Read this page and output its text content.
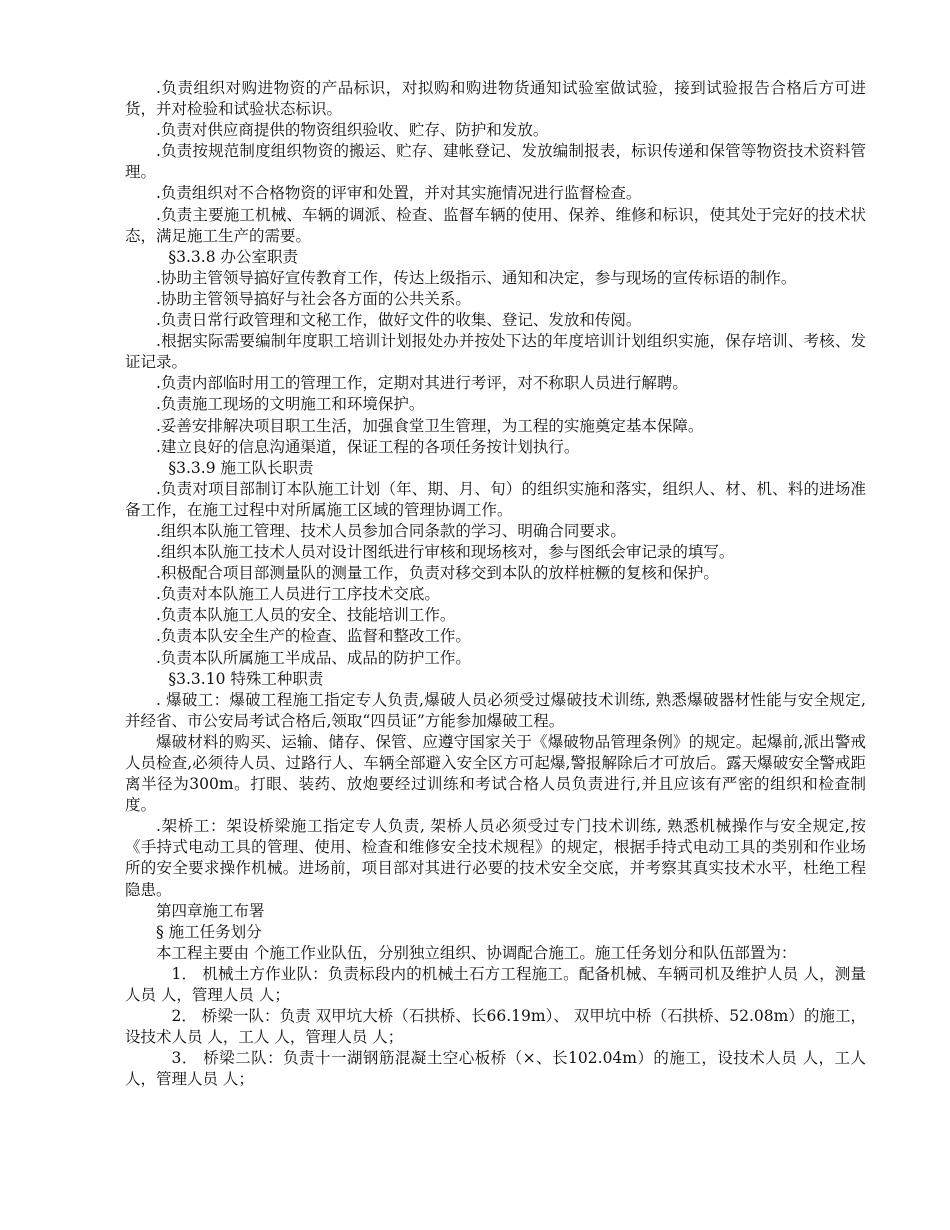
.负责组织对购进物资的产品标识，对拟购和购进物货通知试验室做试验，接到试验报告合格后方可进货，并对检验和试验状态标识。

.负责对供应商提供的物资组织验收、贮存、防护和发放。

.负责按规范制度组织物资的搬运、贮存、建帐登记、发放编制报表，标识传递和保管等物资技术资料管理。

.负责组织对不合格物资的评审和处置，并对其实施情况进行监督检查。

.负责主要施工机械、车辆的调派、检查、监督车辆的使用、保养、维修和标识，使其处于完好的技术状态，满足施工生产的需要。

§3.3.8 办公室职责

.协助主管领导搞好宣传教育工作，传达上级指示、通知和决定，参与现场的宣传标语的制作。

.协助主管领导搞好与社会各方面的公共关系。

.负责日常行政管理和文秘工作，做好文件的收集、登记、发放和传阅。

.根据实际需要编制年度职工培训计划报处办并按处下达的年度培训计划组织实施，保存培训、考核、发证记录。

.负责内部临时用工的管理工作，定期对其进行考评，对不称职人员进行解聘。

.负责施工现场的文明施工和环境保护。

.妥善安排解决项目职工生活，加强食堂卫生管理，为工程的实施奠定基本保障。

.建立良好的信息沟通渠道，保证工程的各项任务按计划执行。

§3.3.9 施工队长职责

.负责对项目部制订本队施工计划（年、期、月、旬）的组织实施和落实，组织人、材、机、料的进场准备工作，在施工过程中对所属施工区域的管理协调工作。

.组织本队施工管理、技术人员参加合同条款的学习、明确合同要求。

.组织本队施工技术人员对设计图纸进行审核和现场核对，参与图纸会审记录的填写。

.积极配合项目部测量队的测量工作，负责对移交到本队的放样桩橛的复核和保护。

.负责对本队施工人员进行工序技术交底。

.负责本队施工人员的安全、技能培训工作。

.负责本队安全生产的检查、监督和整改工作。

.负责本队所属施工半成品、成品的防护工作。

§3.3.10 特殊工种职责

. 爆破工：爆破工程施工指定专人负责,爆破人员必须受过爆破技术训练, 熟悉爆破器材性能与安全规定,并经省、市公安局考试合格后,领取“四员证”方能参加爆破工程。

爆破材料的购买、运输、储存、保管、应遵守国家关于《爆破物品管理条例》的规定。起爆前,派出警戒人员检查,必须待人员、过路行人、车辆全部避入安全区方可起爆,警报解除后才可放后。露天爆破安全警戒距离半径为300m。打眼、装药、放炮要经过训练和考试合格人员负责进行,并且应该有严密的组织和检查制度。

.架桥工：架设桥梁施工指定专人负责, 架桥人员必须受过专门技术训练, 熟悉机械操作与安全规定,按 《手持式电动工具的管理、使用、检查和维修安全技术规程》的规定，根据手持式电动工具的类别和作业场所的安全要求操作机械。进场前，项目部对其进行必要的技术安全交底，并考察其真实技术水平，杜绝工程隐患。

第四章施工布署

§ 施工任务划分

本工程主要由 个施工作业队伍，分别独立组织、协调配合施工。施工任务划分和队伍部置为：

1． 机械土方作业队：负责标段内的机械土石方工程施工。配备机械、车辆司机及维护人员 人，测量人员 人，管理人员 人；

2． 桥梁一队：负责 双甲坑大桥（石拱桥、长66.19m）、 双甲坑中桥（石拱桥、52.08m）的施工，设技术人员 人，工人 人，管理人员 人；

3． 桥梁二队：负责十一湖钢筋混凝土空心板桥（×、长102.04m）的施工，设技术人员 人，工人 人，管理人员 人；
